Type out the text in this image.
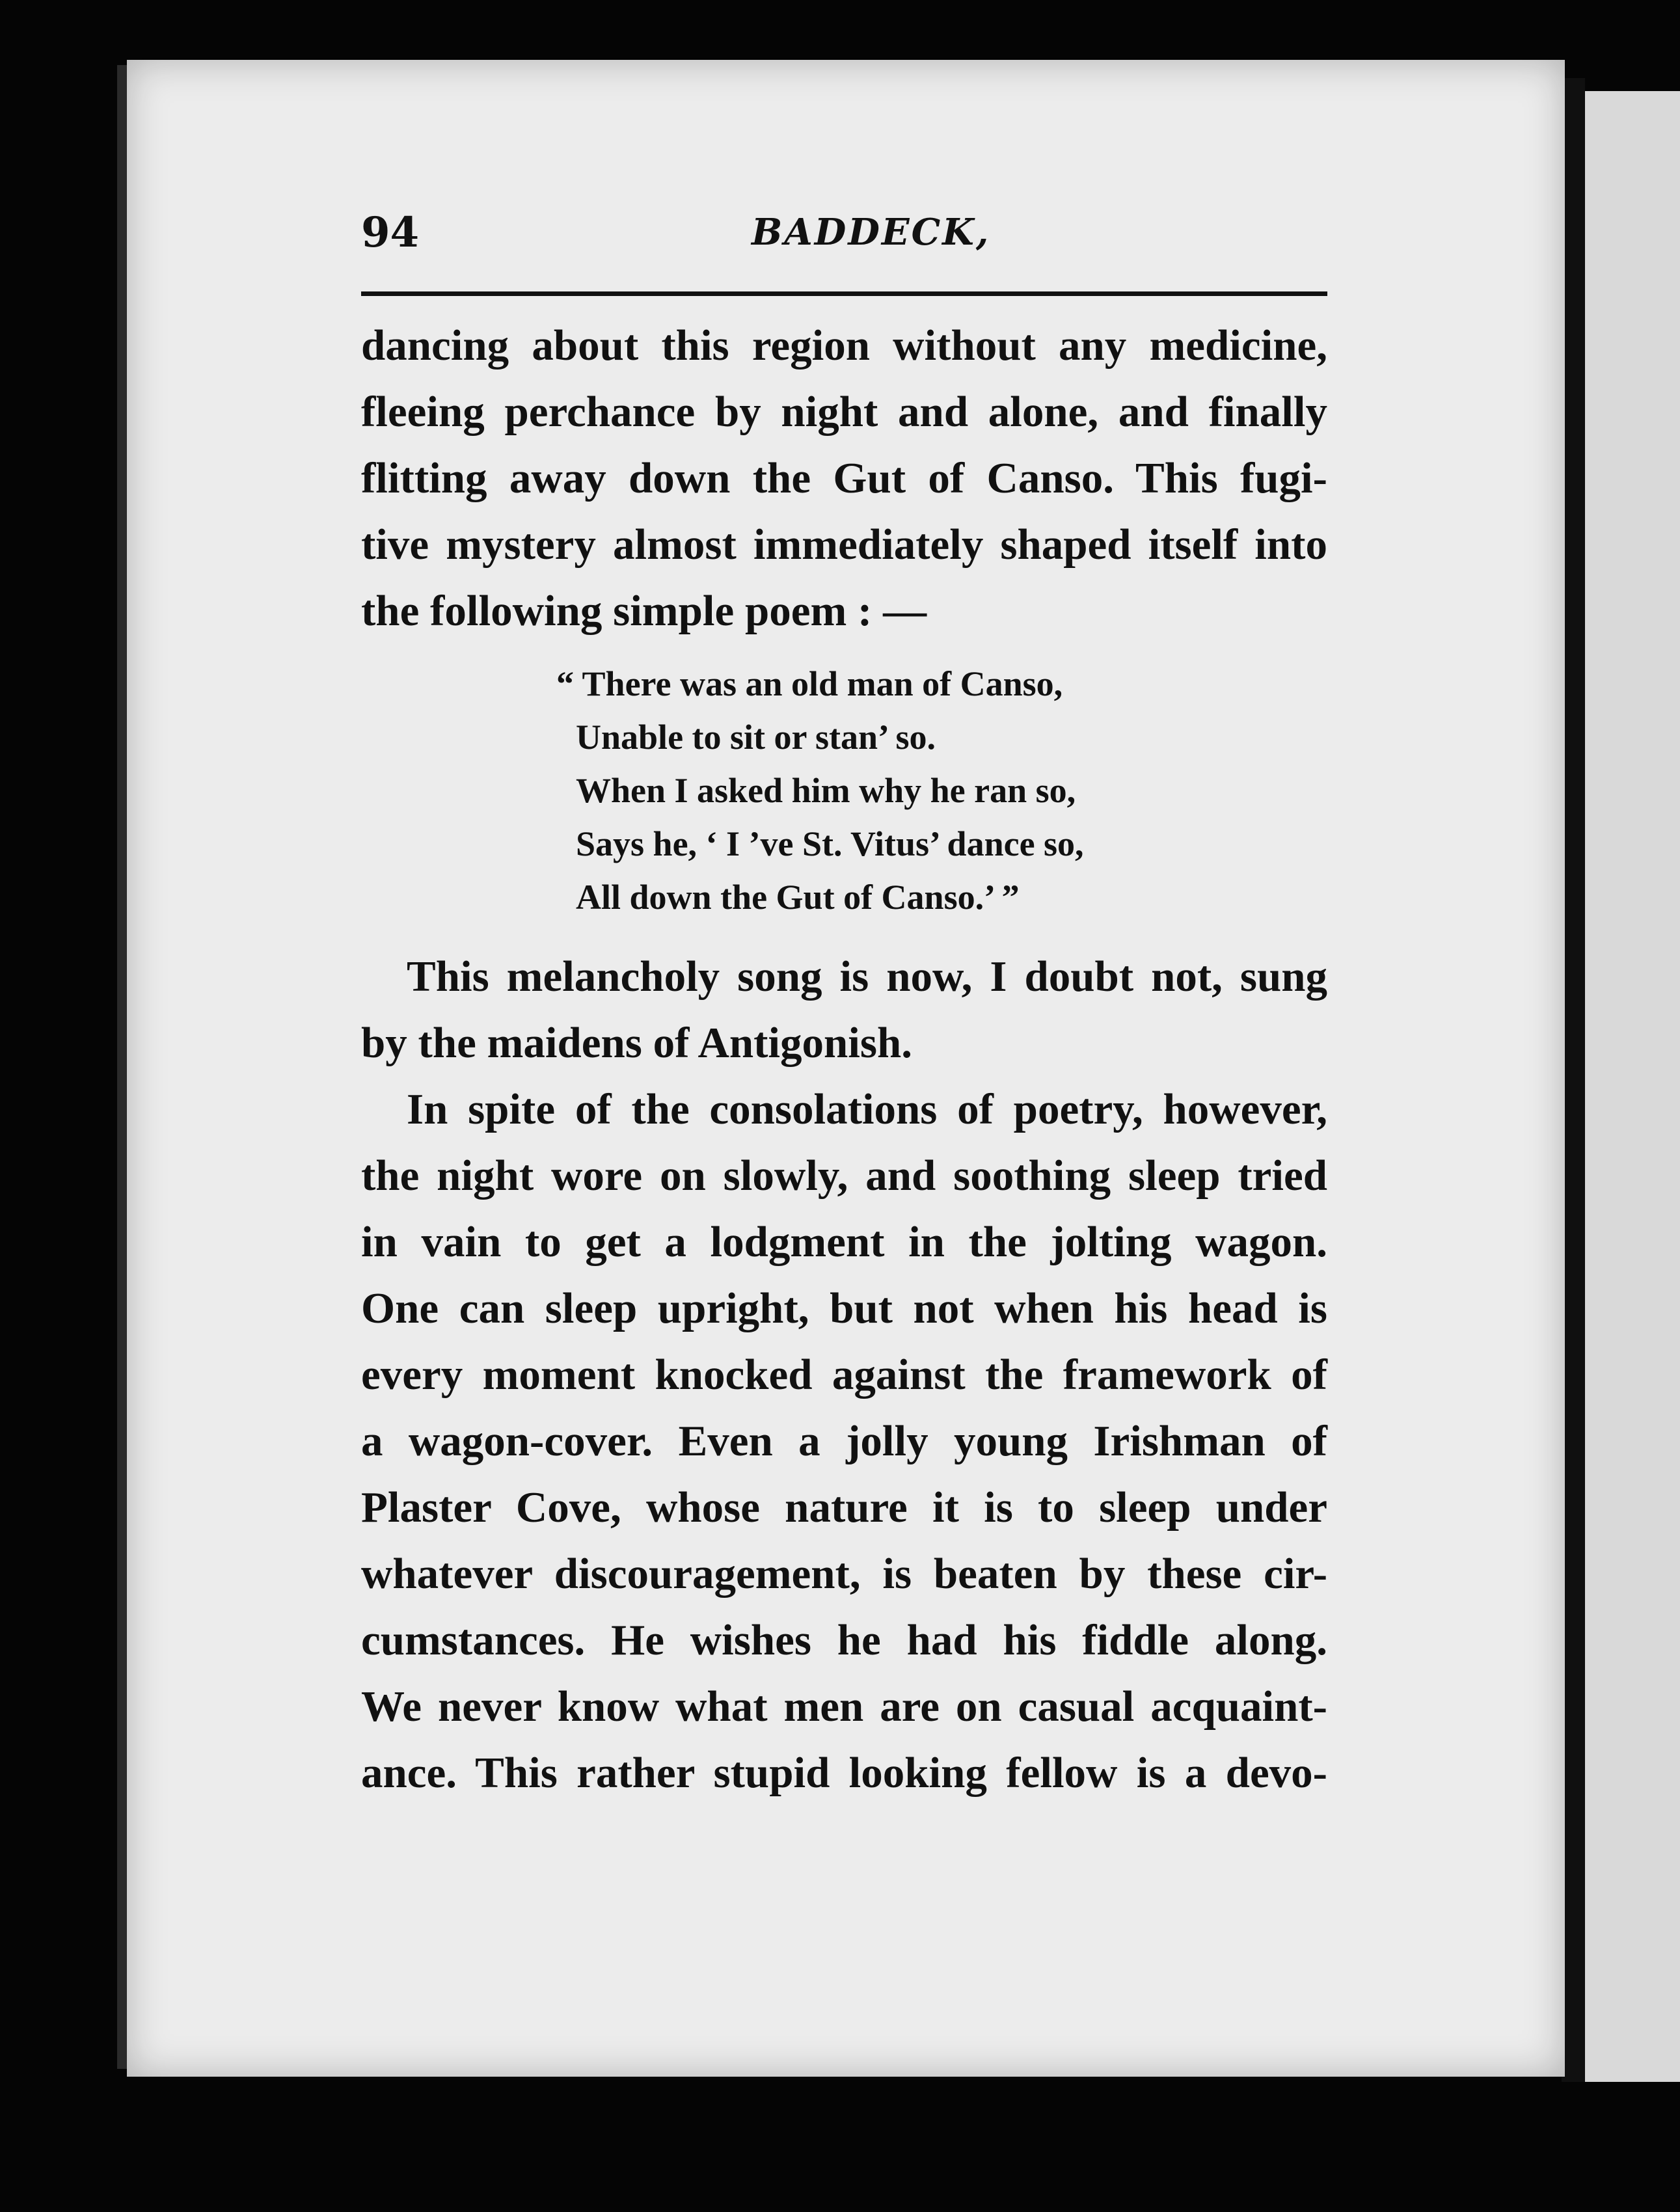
94	BADDECK,
dancing about this region without any medicine,
fleeing perchance by night and alone, and finally
flitting away down the Gut of Canso. This fugi-
tive mystery almost immediately shaped itself into
the following simple poem : —
“ There was an old man of Canso,
Unable to sit or stan’ so.
When I asked him why he ran so,
Says he, ‘ I ’ve St. Vitus’ dance so,
All down the Gut of Canso.’ ”
This melancholy song is now, I doubt not, sung
by the maidens of Antigonish.
In spite of the consolations of poetry, however,
the night wore on slowly, and soothing sleep tried
in vain to get a lodgment in the jolting wagon.
One can sleep upright, but not when his head is
every moment knocked against the framework of
a wagon-cover. Even a jolly young Irishman of
Plaster Cove, whose nature it is to sleep under
whatever discouragement, is beaten by these cir-
cumstances. He wishes he had his fiddle along.
We never know what men are on casual acquaint-
ance. This rather stupid looking fellow is a devo-
